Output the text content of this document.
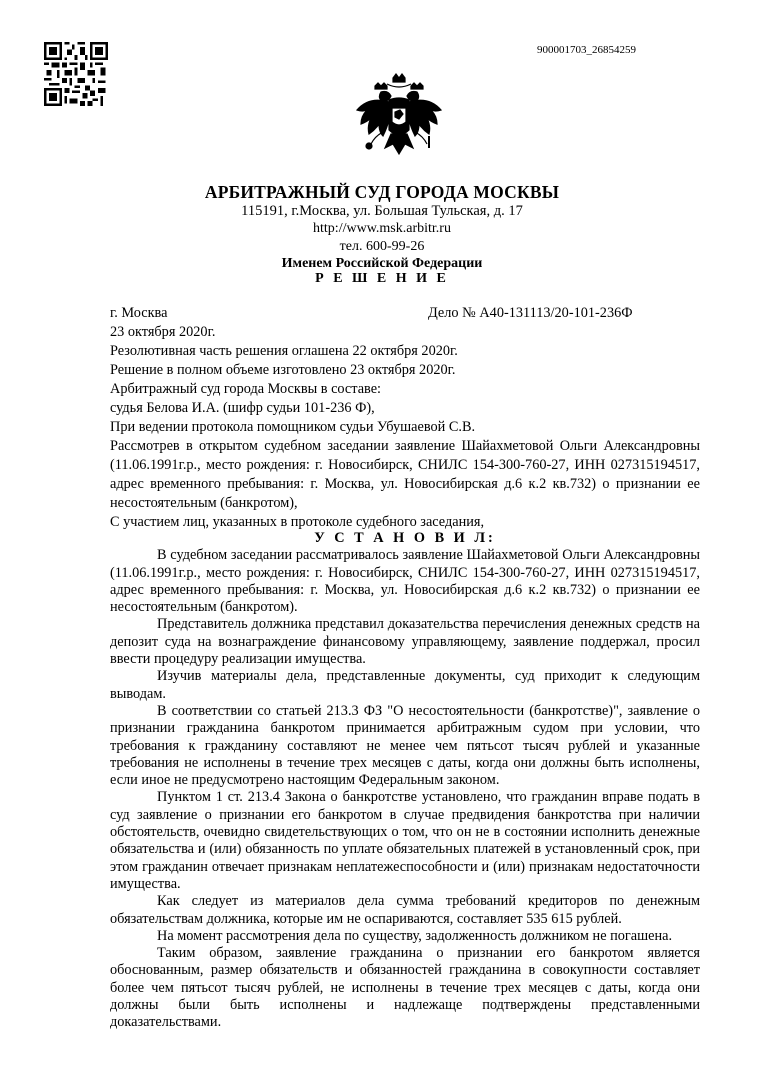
900001703_26854259
АРБИТРАЖНЫЙ СУД ГОРОДА МОСКВЫ
115191, г.Москва, ул. Большая Тульская, д. 17
http://www.msk.arbitr.ru
тел. 600-99-26
Именем Российской Федерации
Р Е Ш Е Н И Е
г. Москва	Дело № А40-131113/20-101-236Ф
23 октября 2020г.
Резолютивная часть решения оглашена 22 октября 2020г.
Решение в полном объеме изготовлено 23 октября 2020г.
Арбитражный суд города Москвы в составе:
судья Белова И.А. (шифр судьи 101-236 Ф),
При ведении протокола помощником судьи Убушаевой С.В.
Рассмотрев в открытом судебном заседании заявление Шайахметовой Ольги Александровны (11.06.1991г.р., место рождения: г. Новосибирск, СНИЛС 154-300-760-27, ИНН 027315194517, адрес временного пребывания: г. Москва, ул. Новосибирская д.6 к.2 кв.732) о признании ее несостоятельным (банкротом),
С участием лиц, указанных в протоколе судебного заседания,
У С Т А Н О В И Л:

В судебном заседании рассматривалось заявление Шайахметовой Ольги Александровны (11.06.1991г.р., место рождения: г. Новосибирск, СНИЛС 154-300-760-27, ИНН 027315194517, адрес временного пребывания: г. Москва, ул. Новосибирская д.6 к.2 кв.732) о признании ее несостоятельным (банкротом).

Представитель должника представил доказательства перечисления денежных средств на депозит суда на вознаграждение финансовому управляющему, заявление поддержал, просил ввести процедуру реализации имущества.

Изучив материалы дела, представленные документы, суд приходит к следующим выводам.

В соответствии со статьей 213.3 ФЗ "О несостоятельности (банкротстве)", заявление о признании гражданина банкротом принимается арбитражным судом при условии, что требования к гражданину составляют не менее чем пятьсот тысяч рублей и указанные требования не исполнены в течение трех месяцев с даты, когда они должны быть исполнены, если иное не предусмотрено настоящим Федеральным законом.

Пунктом 1 ст. 213.4 Закона о банкротстве установлено, что гражданин вправе подать в суд заявление о признании его банкротом в случае предвидения банкротства при наличии обстоятельств, очевидно свидетельствующих о том, что он не в состоянии исполнить денежные обязательства и (или) обязанность по уплате обязательных платежей в установленный срок, при этом гражданин отвечает признакам неплатежеспособности и (или) признакам недостаточности имущества.

Как следует из материалов дела сумма требований кредиторов по денежным обязательствам должника, которые им не оспариваются, составляет 535 615 рублей.

На момент рассмотрения дела по существу, задолженность должником не погашена.

Таким образом, заявление гражданина о признании его банкротом является обоснованным, размер обязательств и обязанностей гражданина в совокупности составляет более чем пятьсот тысяч рублей, не исполнены в течение трех месяцев с даты, когда они должны были быть исполнены и надлежаще подтверждены представленными доказательствами.
